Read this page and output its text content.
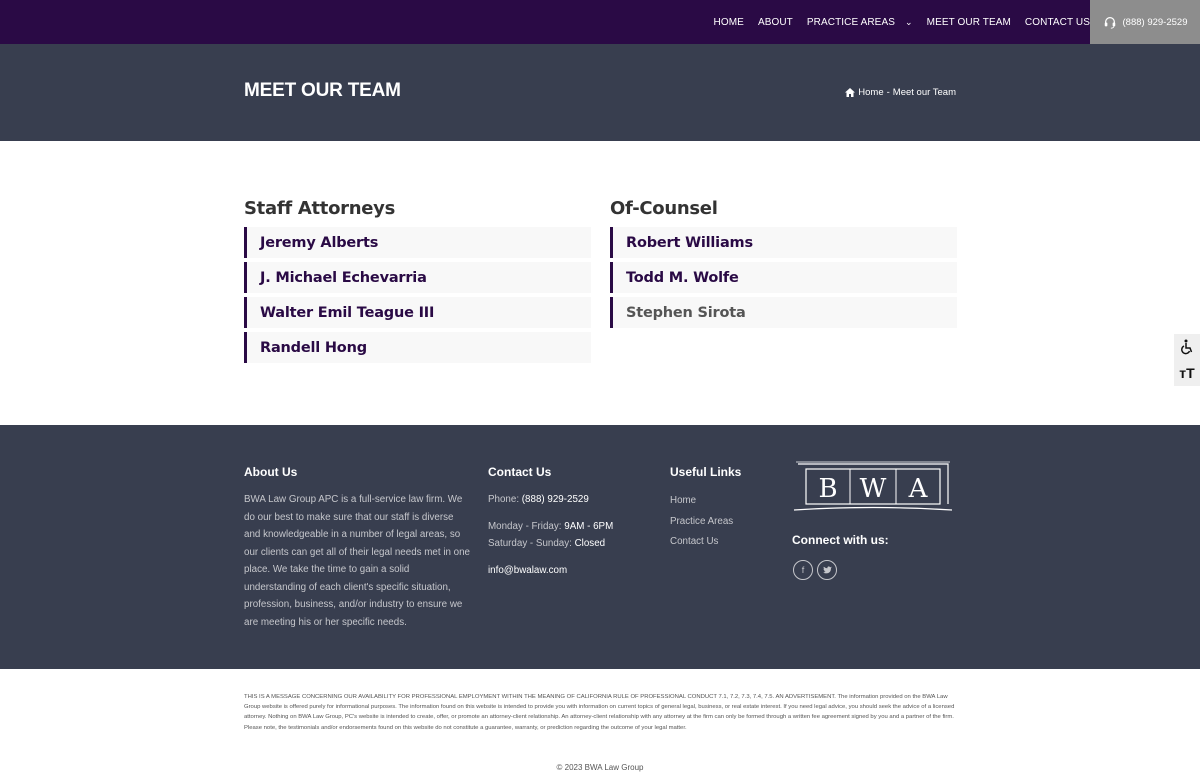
HOME ABOUT PRACTICE AREAS ⌄ MEET OUR TEAM CONTACT US	(888) 929-2529
MEET OUR TEAM	Home - Meet our Team
Staff Attorneys
Jeremy Alberts
J. Michael Echevarria
Walter Emil Teague III
Randell Hong
Of-Counsel
Robert Williams
Todd M. Wolfe
Stephen Sirota
тT
About Us

BWA Law Group APC is a full-service law firm. We do our best to make sure that our staff is diverse and knowledgeable in a number of legal areas, so our clients can get all of their legal needs met in one place. We take the time to gain a solid understanding of each client's specific situation, profession, business, and/or industry to ensure we are meeting his or her specific needs.

Contact Us
Phone: (888) 929-2529
Monday - Friday: 9AM - 6PM
Saturday - Sunday: Closed
info@bwalaw.com
Useful Links
Home
Practice Areas
Contact Us
B W A
Connect with us:
f

THIS IS A MESSAGE CONCERNING OUR AVAILABILITY FOR PROFESSIONAL EMPLOYMENT WITHIN THE MEANING OF CALIFORNIA RULE OF PROFESSIONAL CONDUCT 7.1, 7.2, 7.3, 7.4, 7.5. AN ADVERTISEMENT. The information provided on the BWA Law Group website is offered purely for informational purposes. The information found on this website is intended to provide you with information on current topics of general legal, business, or real estate interest. If you need legal advice, you should seek the advice of a licensed attorney. Nothing on BWA Law Group, PC's website is intended to create, offer, or promote an attorney-client relationship. An attorney-client relationship with any attorney at the firm can only be formed through a written fee agreement signed by you and a partner of the firm. Please note, the testimonials and/or endorsements found on this website do not constitute a guarantee, warranty, or prediction regarding the outcome of your legal matter.

© 2023 BWA Law Group
